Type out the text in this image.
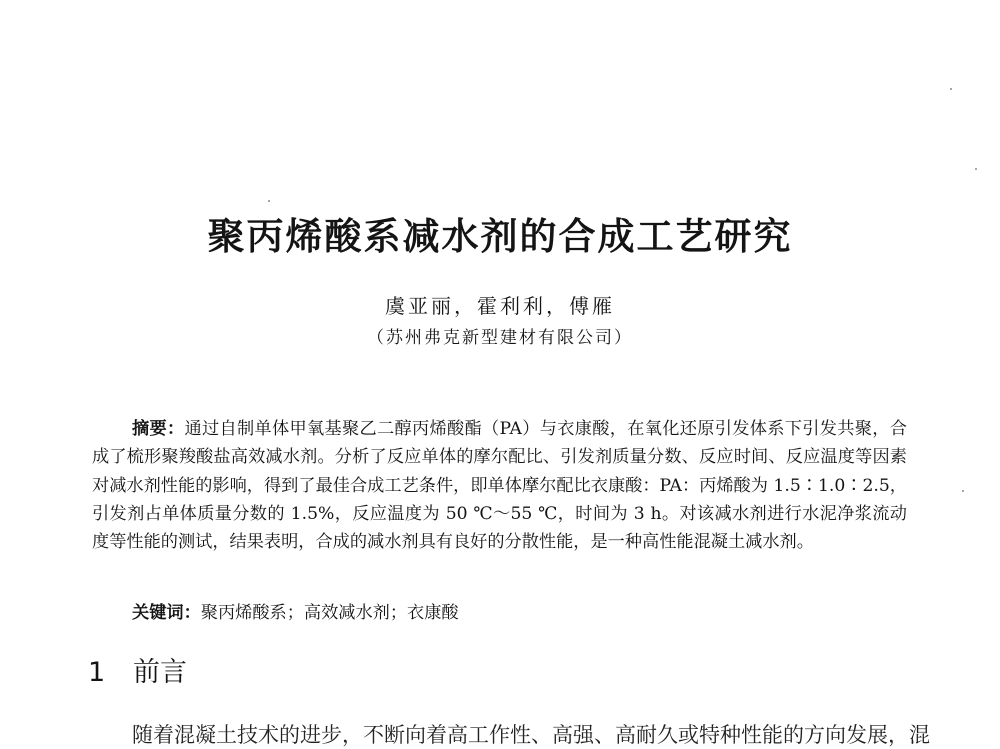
聚丙烯酸系减水剂的合成工艺研究
虞亚丽，霍利利，傅雁
（苏州弗克新型建材有限公司）

摘要：通过自制单体甲氧基聚乙二醇丙烯酸酯（PA）与衣康酸，在氧化还原引发体系下引发共聚，合成了梳形聚羧酸盐高效减水剂。分析了反应单体的摩尔配比、引发剂质量分数、反应时间、反应温度等因素对减水剂性能的影响，得到了最佳合成工艺条件，即单体摩尔配比衣康酸：PA：丙烯酸为 1.5∶1.0∶2.5，引发剂占单体质量分数的 1.5%，反应温度为 50 ℃～55 ℃，时间为 3 h。对该减水剂进行水泥净浆流动度等性能的测试，结果表明，合成的减水剂具有良好的分散性能，是一种高性能混凝土减水剂。

关键词：聚丙烯酸系；高效减水剂；衣康酸
1 前言
随着混凝土技术的进步，不断向着高工作性、高强、高耐久或特种性能的方向发展，混
